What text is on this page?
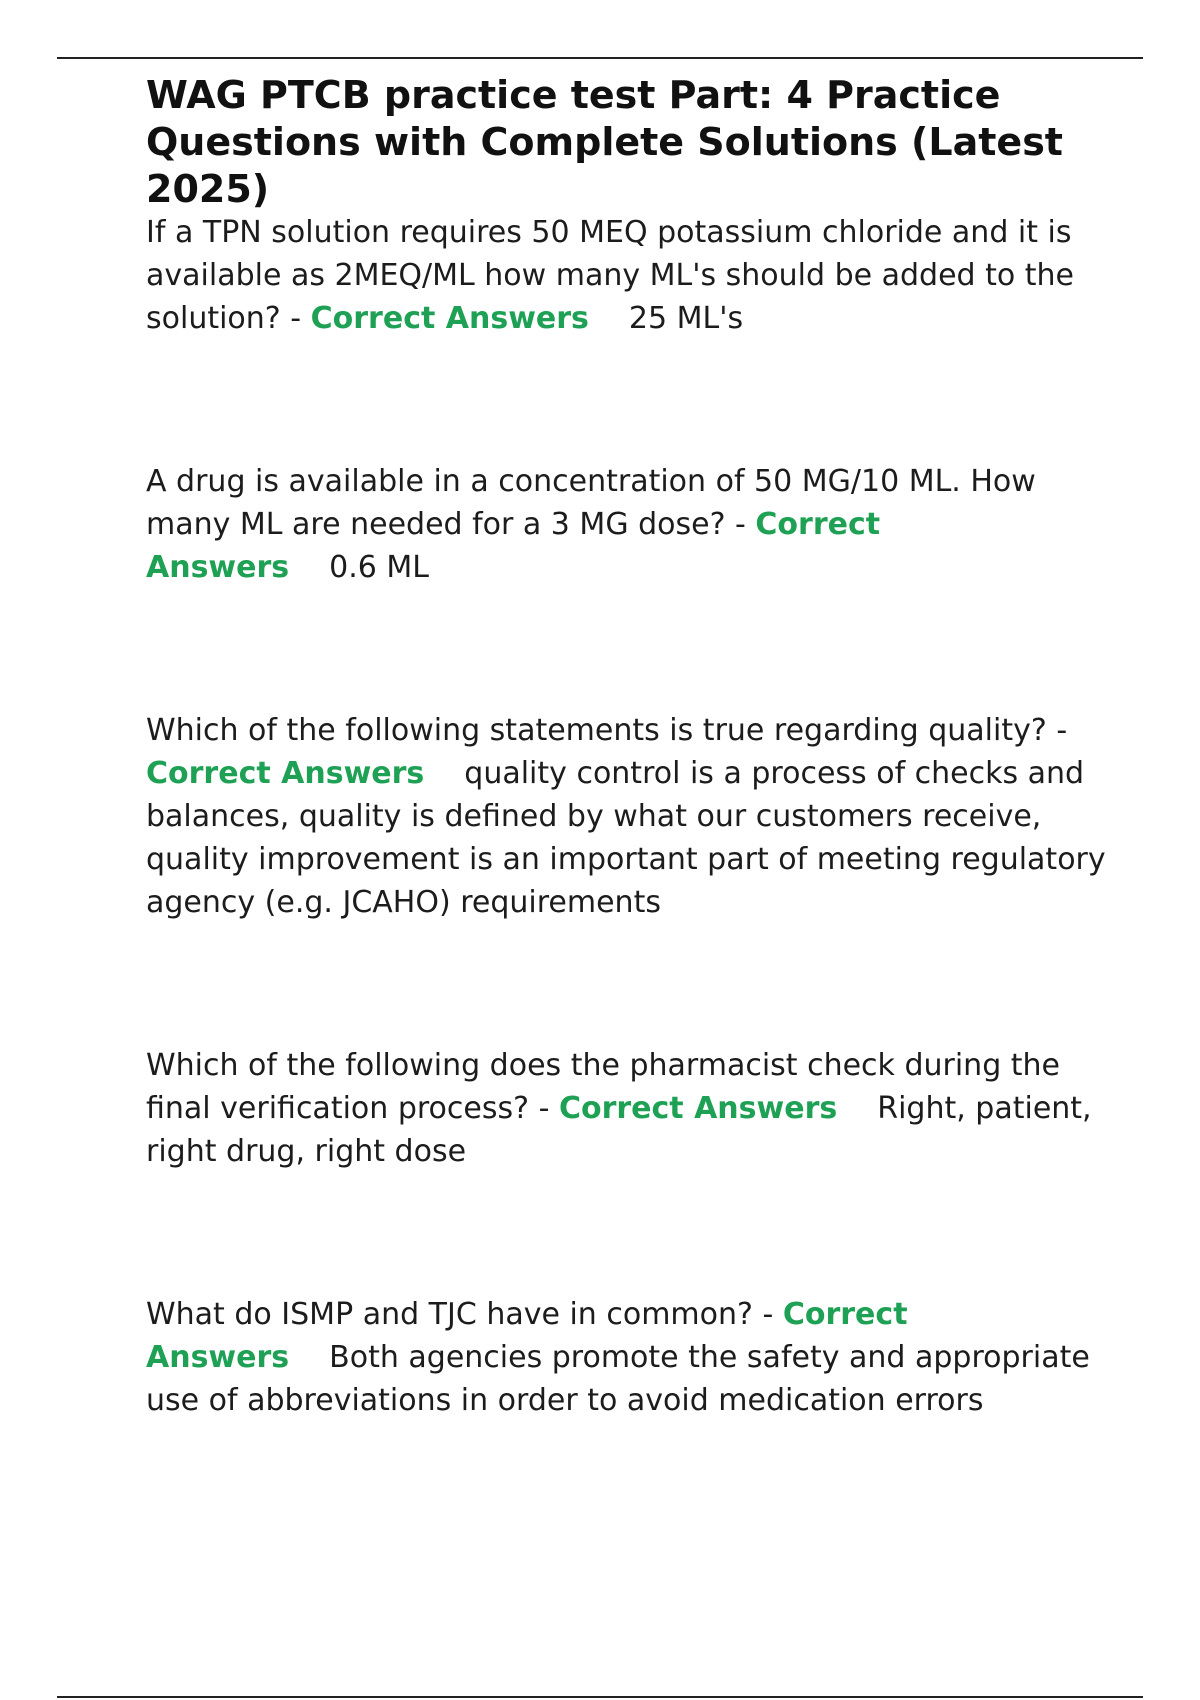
WAG PTCB practice test Part: 4 Practice Questions with Complete Solutions (Latest 2025)

If a TPN solution requires 50 MEQ potassium chloride and it is available as 2MEQ/ML how many ML's should be added to the solution? - Correct Answers 25 ML's

A drug is available in a concentration of 50 MG/10 ML. How many ML are needed for a 3 MG dose? - Correct Answers 0.6 ML

Which of the following statements is true regarding quality? - Correct Answers quality control is a process of checks and balances, quality is defined by what our customers receive, quality improvement is an important part of meeting regulatory agency (e.g. JCAHO) requirements

Which of the following does the pharmacist check during the final verification process? - Correct Answers Right, patient, right drug, right dose

What do ISMP and TJC have in common? - Correct Answers Both agencies promote the safety and appropriate use of abbreviations in order to avoid medication errors
